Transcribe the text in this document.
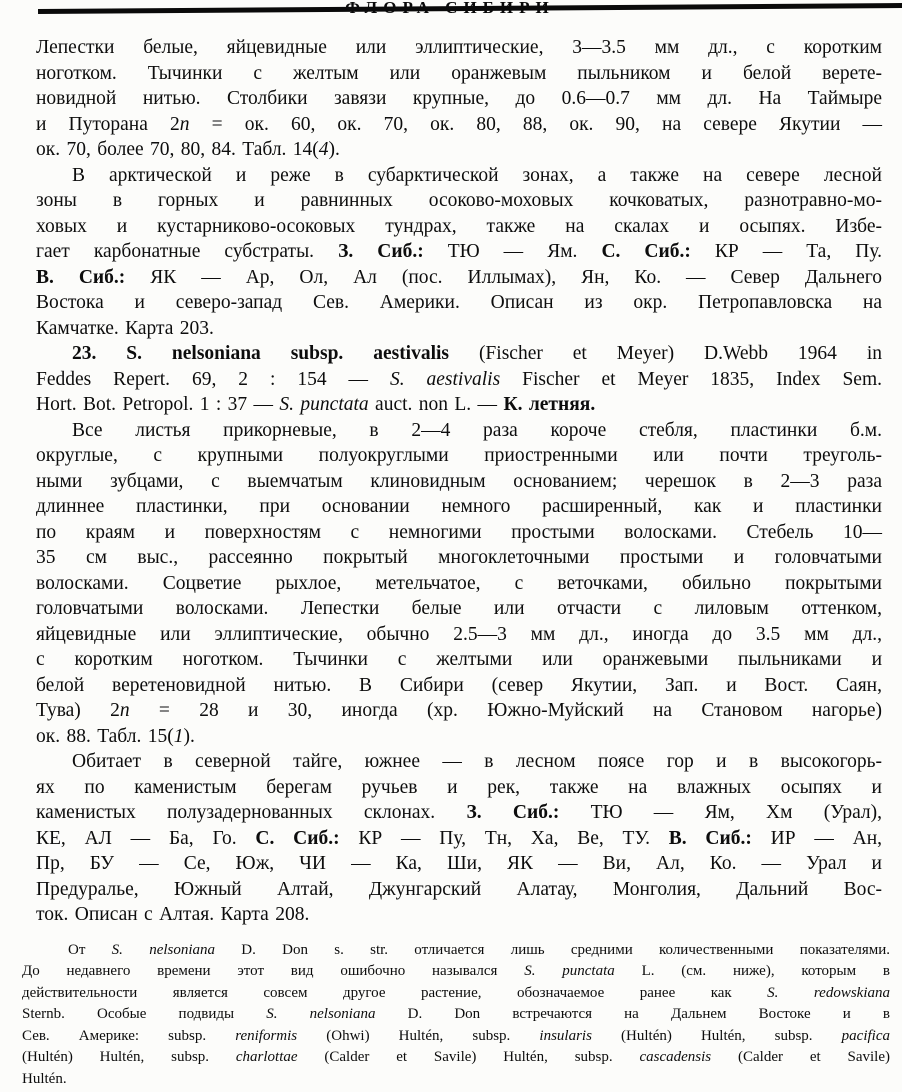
Лепестки белые, яйцевидные или эллиптические, 3—3.5 мм дл., с коротким
ноготком. Тычинки с желтым или оранжевым пыльником и белой верете-
новидной нитью. Столбики завязи крупные, до 0.6—0.7 мм дл. На Таймыре
и Путорана 2n = ок. 60, ок. 70, ок. 80, 88, ок. 90, на севере Якутии —
ок. 70, более 70, 80, 84. Табл. 14(4).
В арктической и реже в субарктической зонах, а также на севере лесной
зоны в горных и равнинных осоково-моховых кочковатых, разнотравно-мо-
ховых и кустарниково-осоковых тундрах, также на скалах и осыпях. Избе-
гает карбонатные субстраты. З. Сиб.: ТЮ — Ям. С. Сиб.: КР — Та, Пу.
В. Сиб.: ЯК — Ар, Ол, Ал (пос. Иллымах), Ян, Ко. — Север Дальнего
Востока и северо-запад Сев. Америки. Описан из окр. Петропавловска на
Камчатке. Карта 203.
23. S. nelsoniana subsp. aestivalis (Fischer et Meyer) D.Webb 1964 in
Feddes Repert. 69, 2 : 154 — S. aestivalis Fischer et Meyer 1835, Index Sem.
Hort. Bot. Petropol. 1 : 37 — S. punctata auct. non L. — К. летняя.
Все листья прикорневые, в 2—4 раза короче стебля, пластинки б.м.
округлые, с крупными полуокруглыми приостренными или почти треуголь-
ными зубцами, с выемчатым клиновидным основанием; черешок в 2—3 раза
длиннее пластинки, при основании немного расширенный, как и пластинки
по краям и поверхностям с немногими простыми волосками. Стебель 10—
35 см выс., рассеянно покрытый многоклеточными простыми и головчатыми
волосками. Соцветие рыхлое, метельчатое, с веточками, обильно покрытыми
головчатыми волосками. Лепестки белые или отчасти с лиловым оттенком,
яйцевидные или эллиптические, обычно 2.5—3 мм дл., иногда до 3.5 мм дл.,
с коротким ноготком. Тычинки с желтыми или оранжевыми пыльниками и
белой веретеновидной нитью. В Сибири (север Якутии, Зап. и Вост. Саян,
Тува) 2n = 28 и 30, иногда (хр. Южно-Муйский на Становом нагорье)
ок. 88. Табл. 15(1).
Обитает в северной тайге, южнее — в лесном поясе гор и в высокогорь-
ях по каменистым берегам ручьев и рек, также на влажных осыпях и
каменистых полузадернованных склонах. З. Сиб.: ТЮ — Ям, Хм (Урал),
КЕ, АЛ — Ба, Го. С. Сиб.: КР — Пу, Тн, Ха, Ве, ТУ. В. Сиб.: ИР — Ан,
Пр, БУ — Се, Юж, ЧИ — Ка, Ши, ЯК — Ви, Ал, Ко. — Урал и
Предуралье, Южный Алтай, Джунгарский Алатау, Монголия, Дальний Вос-
ток. Описан с Алтая. Карта 208.
От S. nelsoniana D. Don s. str. отличается лишь средними количественными показателями.
До недавнего времени этот вид ошибочно назывался S. punctata L. (см. ниже), которым в
действительности является совсем другое растение, обозначаемое ранее как S. redowskiana
Sternb. Особые подвиды S. nelsoniana D. Don встречаются на Дальнем Востоке и в
Сев. Америке: subsp. reniformis (Ohwi) Hultén, subsp. insularis (Hultén) Hultén, subsp. pacifica
(Hultén) Hultén, subsp. charlottae (Calder et Savile) Hultén, subsp. cascadensis (Calder et Savile)
Hultén.
